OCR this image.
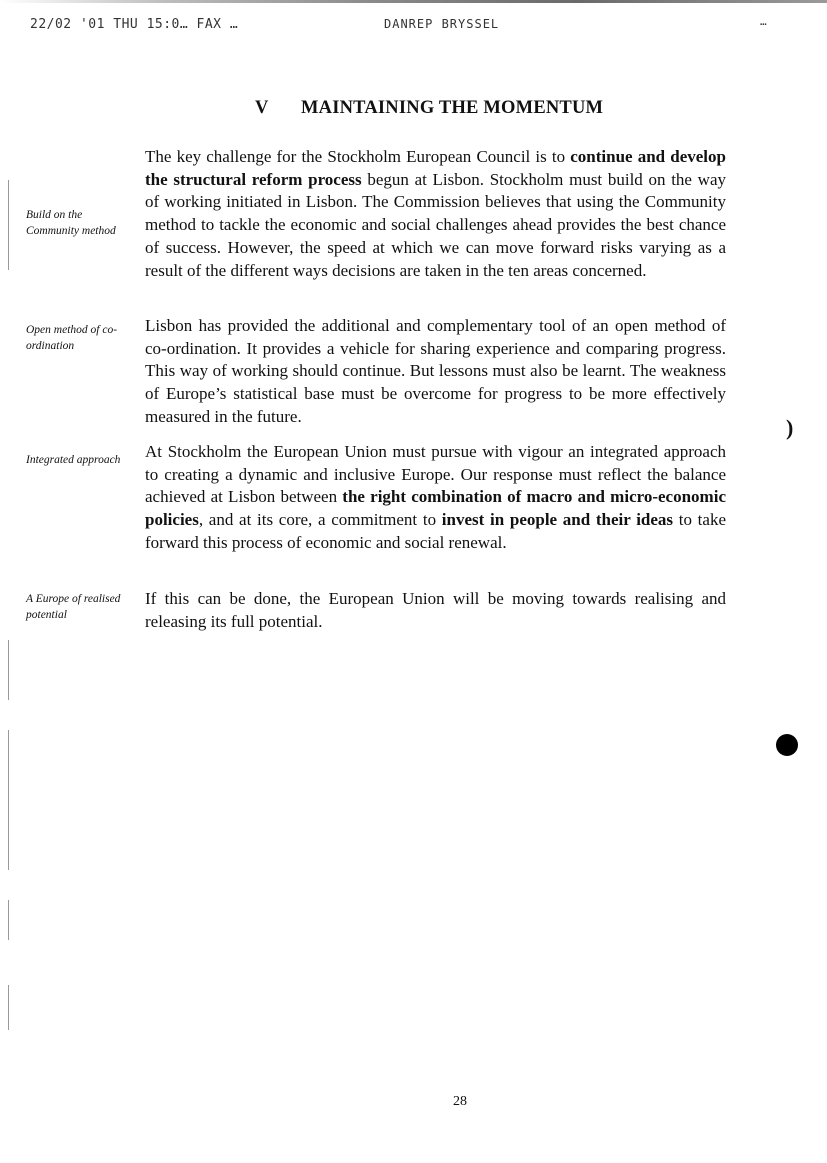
22/02 '01 THU 15:0… FAX …	DANREP BRYSSEL	…
V MAINTAINING THE MOMENTUM
Build on the Community method
Open method of co-ordination
Integrated approach
A Europe of realised potential

The key challenge for the Stockholm European Council is to continue and develop the structural reform process begun at Lisbon. Stockholm must build on the way of working initiated in Lisbon. The Commission believes that using the Community method to tackle the economic and social challenges ahead provides the best chance of success. However, the speed at which we can move forward risks varying as a result of the different ways decisions are taken in the ten areas concerned.

Lisbon has provided the additional and complementary tool of an open method of co-ordination. It provides a vehicle for sharing experience and comparing progress. This way of working should continue. But lessons must also be learnt. The weakness of Europe’s statistical base must be overcome for progress to be more effectively measured in the future.

At Stockholm the European Union must pursue with vigour an integrated approach to creating a dynamic and inclusive Europe. Our response must reflect the balance achieved at Lisbon between the right combination of macro and micro-economic policies, and at its core, a commitment to invest in people and their ideas to take forward this process of economic and social renewal.

If this can be done, the European Union will be moving towards realising and releasing its full potential.

28
)
